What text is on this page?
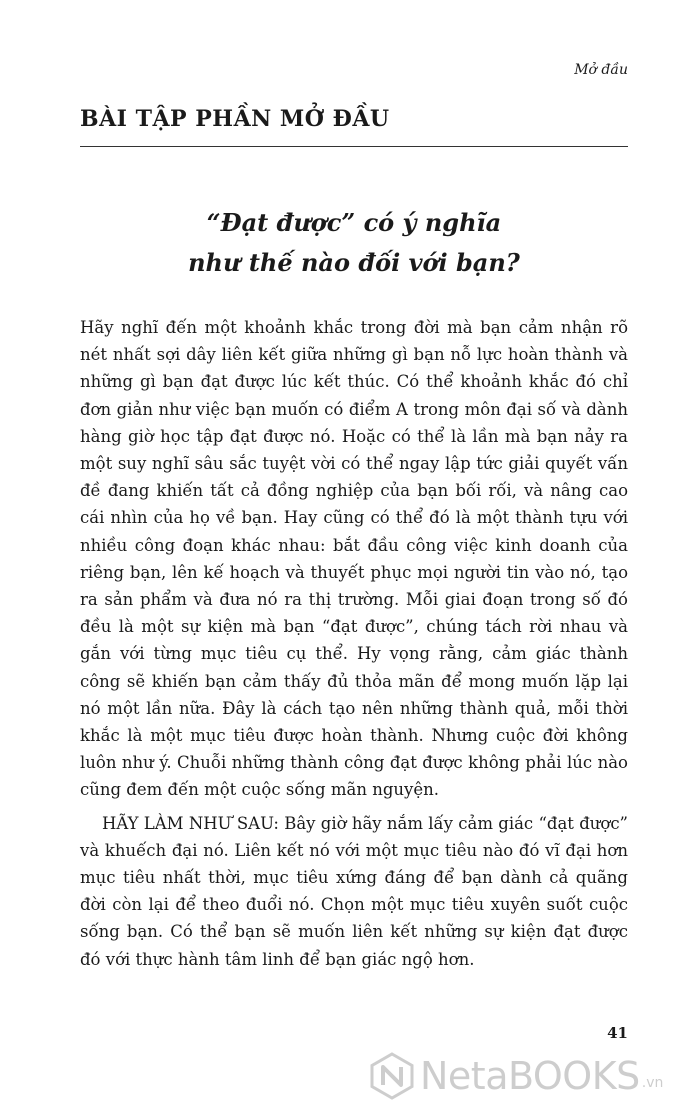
Mở đầu
BÀI TẬP PHẦN MỞ ĐẦU
“Đạt được” có ý nghĩa
như thế nào đối với bạn?

Hãy nghĩ đến một khoảnh khắc trong đời mà bạn cảm nhận rõ nét nhất sợi dây liên kết giữa những gì bạn nỗ lực hoàn thành và những gì bạn đạt được lúc kết thúc. Có thể khoảnh khắc đó chỉ đơn giản như việc bạn muốn có điểm A trong môn đại số và dành hàng giờ học tập đạt được nó. Hoặc có thể là lần mà bạn nảy ra một suy nghĩ sâu sắc tuyệt vời có thể ngay lập tức giải quyết vấn đề đang khiến tất cả đồng nghiệp của bạn bối rối, và nâng cao cái nhìn của họ về bạn. Hay cũng có thể đó là một thành tựu với nhiều công đoạn khác nhau: bắt đầu công việc kinh doanh của riêng bạn, lên kế hoạch và thuyết phục mọi người tin vào nó, tạo ra sản phẩm và đưa nó ra thị trường. Mỗi giai đoạn trong số đó đều là một sự kiện mà bạn “đạt được”, chúng tách rời nhau và gắn với từng mục tiêu cụ thể. Hy vọng rằng, cảm giác thành công sẽ khiến bạn cảm thấy đủ thỏa mãn để mong muốn lặp lại nó một lần nữa. Đây là cách tạo nên những thành quả, mỗi thời khắc là một mục tiêu được hoàn thành. Nhưng cuộc đời không luôn như ý. Chuỗi những thành công đạt được không phải lúc nào cũng đem đến một cuộc sống mãn nguyện.

HÃY LÀM NHƯ SAU: Bây giờ hãy nắm lấy cảm giác “đạt được” và khuếch đại nó. Liên kết nó với một mục tiêu nào đó vĩ đại hơn mục tiêu nhất thời, mục tiêu xứng đáng để bạn dành cả quãng đời còn lại để theo đuổi nó. Chọn một mục tiêu xuyên suốt cuộc sống bạn. Có thể bạn sẽ muốn liên kết những sự kiện đạt được đó với thực hành tâm linh để bạn giác ngộ hơn.

41
NetaBOOKS .vn
